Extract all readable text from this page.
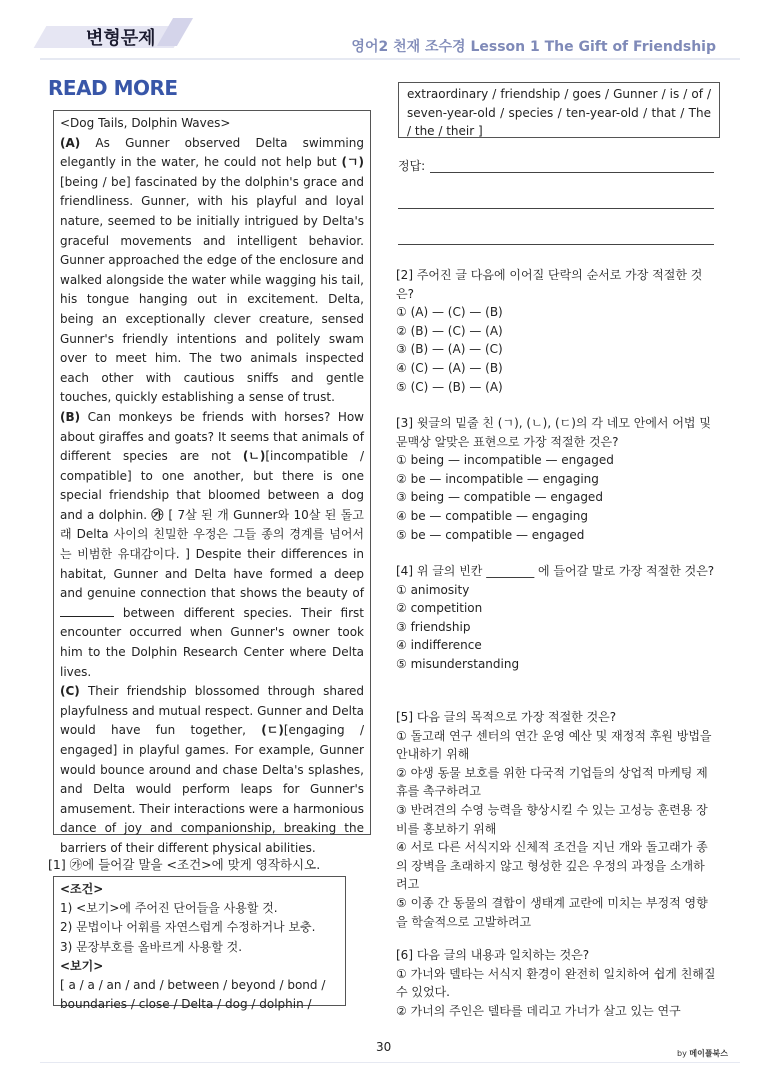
변형문제	영어2 천재 조수경 Lesson 1 The Gift of Friendship
READ MORE

<Dog Tails, Dolphin Waves>

(A) As Gunner observed Delta swimming elegantly in the water, he could not help but (ㄱ)[being / be] fascinated by the dolphin's grace and friendliness. Gunner, with his playful and loyal nature, seemed to be initially intrigued by Delta's graceful movements and intelligent behavior. Gunner approached the edge of the enclosure and walked alongside the water while wagging his tail, his tongue hanging out in excitement. Delta, being an exceptionally clever creature, sensed Gunner's friendly intentions and politely swam over to meet him. The two animals inspected each other with cautious sniffs and gentle touches, quickly establishing a sense of trust.

(B) Can monkeys be friends with horses? How about giraffes and goats? It seems that animals of different species are not (ㄴ)[incompatible / compatible] to one another, but there is one special friendship that bloomed between a dog and a dolphin. ㉮ [ 7살 된 개 Gunner와 10살 된 돌고래 Delta 사이의 친밀한 우정은 그들 종의 경계를 넘어서는 비범한 유대감이다. ] Despite their differences in habitat, Gunner and Delta have formed a deep and genuine connection that shows the beauty of  between different species. Their first encounter occurred when Gunner's owner took him to the Dolphin Research Center where Delta lives.

(C) Their friendship blossomed through shared playfulness and mutual respect. Gunner and Delta would have fun together, (ㄷ)[engaging / engaged] in playful games. For example, Gunner would bounce around and chase Delta's splashes, and Delta would perform leaps for Gunner's amusement. Their interactions were a harmonious dance of joy and companionship, breaking the barriers of their different physical abilities.

[1] ㉮에 들어갈 말을 <조건>에 맞게 영작하시오.
<조건>
1) <보기>에 주어진 단어들을 사용할 것.
2) 문법이나 어휘를 자연스럽게 수정하거나 보충.
3) 문장부호를 올바르게 사용할 것.
<보기>
[ a / a / an / and / between / beyond / bond / boundaries / close / Delta / dog / dolphin /
extraordinary / friendship / goes / Gunner / is / of / seven-year-old / species / ten-year-old / that / The / the / their ]
정답:

[2] 주어진 글 다음에 이어질 단락의 순서로 가장 적절한 것은?

① (A) — (C) — (B)

② (B) — (C) — (A)

③ (B) — (A) — (C)

④ (C) — (A) — (B)

⑤ (C) — (B) — (A)

[3] 윗글의 밑줄 친 (ㄱ), (ㄴ), (ㄷ)의 각 네모 안에서 어법 및 문맥상 알맞은 표현으로 가장 적절한 것은?

① being — incompatible — engaged

② be — incompatible — engaging

③ being — compatible — engaged

④ be — compatible — engaging

⑤ be — compatible — engaged

[4] 위 글의 빈칸 ________ 에 들어갈 말로 가장 적절한 것은?

① animosity

② competition

③ friendship

④ indifference

⑤ misunderstanding

[5] 다음 글의 목적으로 가장 적절한 것은?

① 돌고래 연구 센터의 연간 운영 예산 및 재정적 후원 방법을 안내하기 위해

② 야생 동물 보호를 위한 다국적 기업들의 상업적 마케팅 제휴를 촉구하려고

③ 반려견의 수영 능력을 향상시킬 수 있는 고성능 훈련용 장비를 홍보하기 위해

④ 서로 다른 서식지와 신체적 조건을 지닌 개와 돌고래가 종의 장벽을 초래하지 않고 형성한 깊은 우정의 과정을 소개하려고

⑤ 이종 간 동물의 결합이 생태계 교란에 미치는 부정적 영향을 학술적으로 고발하려고

[6] 다음 글의 내용과 일치하는 것은?

① 가너와 델타는 서식지 환경이 완전히 일치하여 쉽게 친해질 수 있었다.

② 가너의 주인은 델타를 데리고 가너가 살고 있는 연구

30	by 메이플북스
